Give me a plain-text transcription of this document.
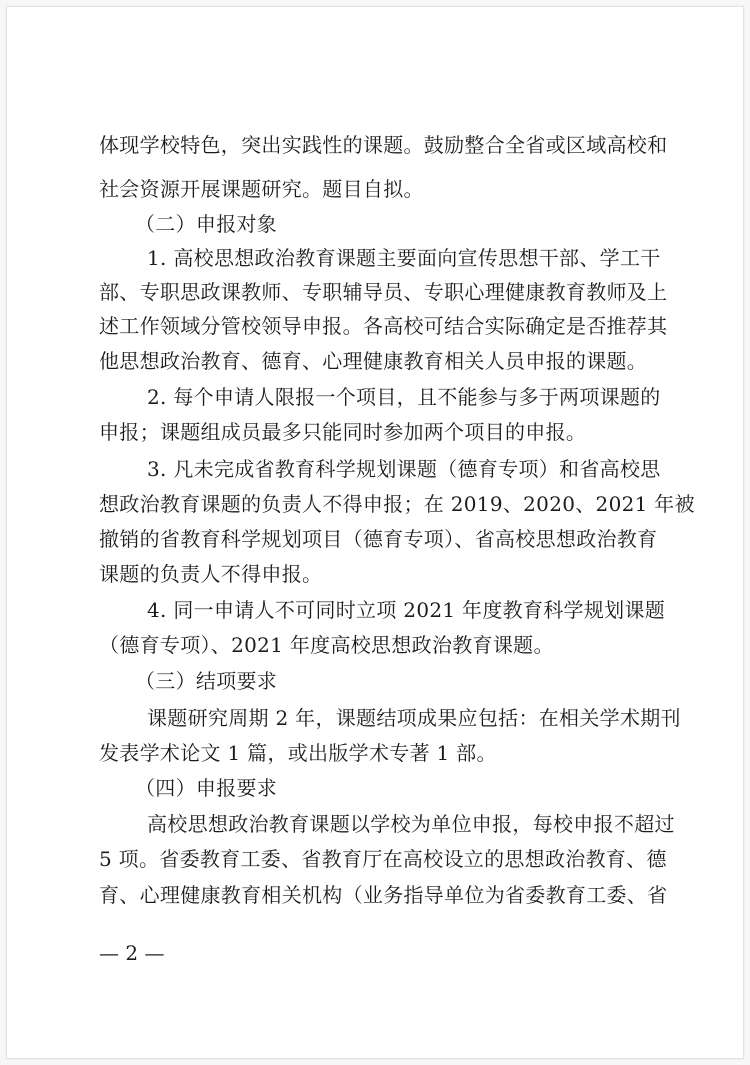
体现学校特色，突出实践性的课题。鼓励整合全省或区域高校和
社会资源开展课题研究。题目自拟。
（二）申报对象
1. 高校思想政治教育课题主要面向宣传思想干部、学工干
部、专职思政课教师、专职辅导员、专职心理健康教育教师及上
述工作领域分管校领导申报。各高校可结合实际确定是否推荐其
他思想政治教育、德育、心理健康教育相关人员申报的课题。
2. 每个申请人限报一个项目，且不能参与多于两项课题的
申报；课题组成员最多只能同时参加两个项目的申报。
3. 凡未完成省教育科学规划课题（德育专项）和省高校思
想政治教育课题的负责人不得申报；在 2019、2020、2021 年被
撤销的省教育科学规划项目（德育专项）、省高校思想政治教育
课题的负责人不得申报。
4. 同一申请人不可同时立项 2021 年度教育科学规划课题
（德育专项）、2021 年度高校思想政治教育课题。
（三）结项要求
课题研究周期 2 年，课题结项成果应包括：在相关学术期刊
发表学术论文 1 篇，或出版学术专著 1 部。
（四）申报要求
高校思想政治教育课题以学校为单位申报，每校申报不超过
5 项。省委教育工委、省教育厅在高校设立的思想政治教育、德
育、心理健康教育相关机构（业务指导单位为省委教育工委、省
— 2 —
